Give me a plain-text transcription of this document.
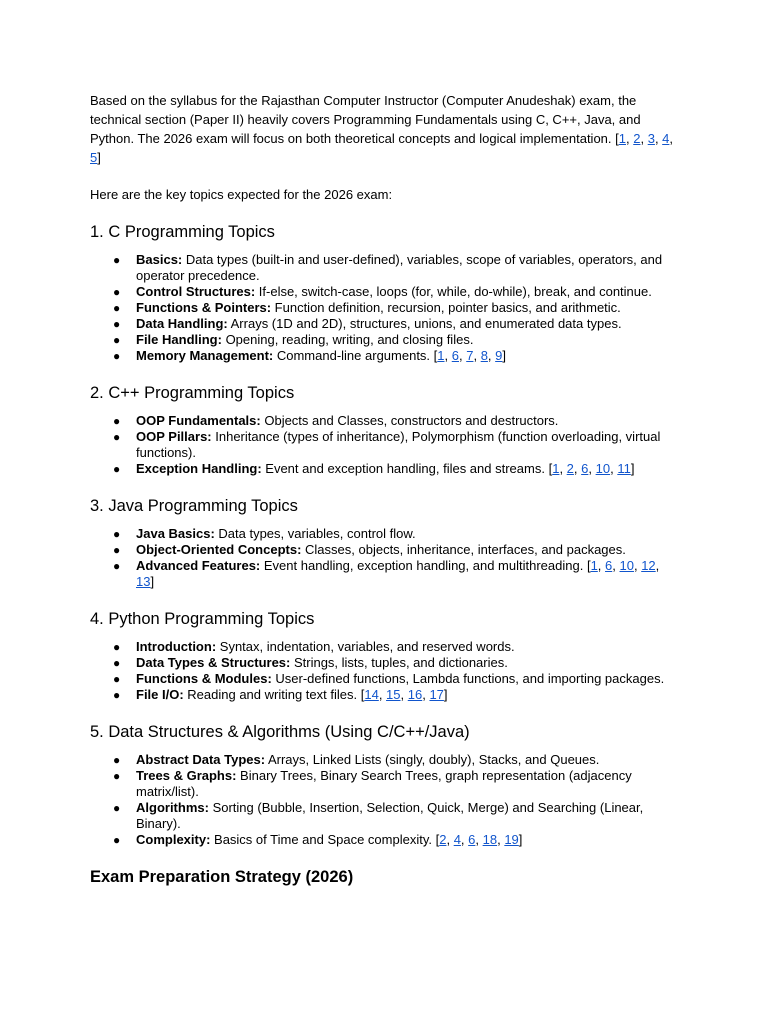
Based on the syllabus for the Rajasthan Computer Instructor (Computer Anudeshak) exam, the technical section (Paper II) heavily covers Programming Fundamentals using C, C++, Java, and Python. The 2026 exam will focus on both theoretical concepts and logical implementation. [1, 2, 3, 4, 5]

Here are the key topics expected for the 2026 exam:

1. C Programming Topics
● Basics: Data types (built-in and user-defined), variables, scope of variables, operators, and operator precedence.
● Control Structures: If-else, switch-case, loops (for, while, do-while), break, and continue.
● Functions & Pointers: Function definition, recursion, pointer basics, and arithmetic.
● Data Handling: Arrays (1D and 2D), structures, unions, and enumerated data types.
● File Handling: Opening, reading, writing, and closing files.
● Memory Management: Command-line arguments. [1, 6, 7, 8, 9]
2. C++ Programming Topics
● OOP Fundamentals: Objects and Classes, constructors and destructors.
● OOP Pillars: Inheritance (types of inheritance), Polymorphism (function overloading, virtual functions).
● Exception Handling: Event and exception handling, files and streams. [1, 2, 6, 10, 11]
3. Java Programming Topics
● Java Basics: Data types, variables, control flow.
● Object-Oriented Concepts: Classes, objects, inheritance, interfaces, and packages.
● Advanced Features: Event handling, exception handling, and multithreading. [1, 6, 10, 12, 13]
4. Python Programming Topics
● Introduction: Syntax, indentation, variables, and reserved words.
● Data Types & Structures: Strings, lists, tuples, and dictionaries.
● Functions & Modules: User-defined functions, Lambda functions, and importing packages.
● File I/O: Reading and writing text files. [14, 15, 16, 17]
5. Data Structures & Algorithms (Using C/C++/Java)
● Abstract Data Types: Arrays, Linked Lists (singly, doubly), Stacks, and Queues.
● Trees & Graphs: Binary Trees, Binary Search Trees, graph representation (adjacency matrix/list).
● Algorithms: Sorting (Bubble, Insertion, Selection, Quick, Merge) and Searching (Linear, Binary).
● Complexity: Basics of Time and Space complexity. [2, 4, 6, 18, 19]
Exam Preparation Strategy (2026)
